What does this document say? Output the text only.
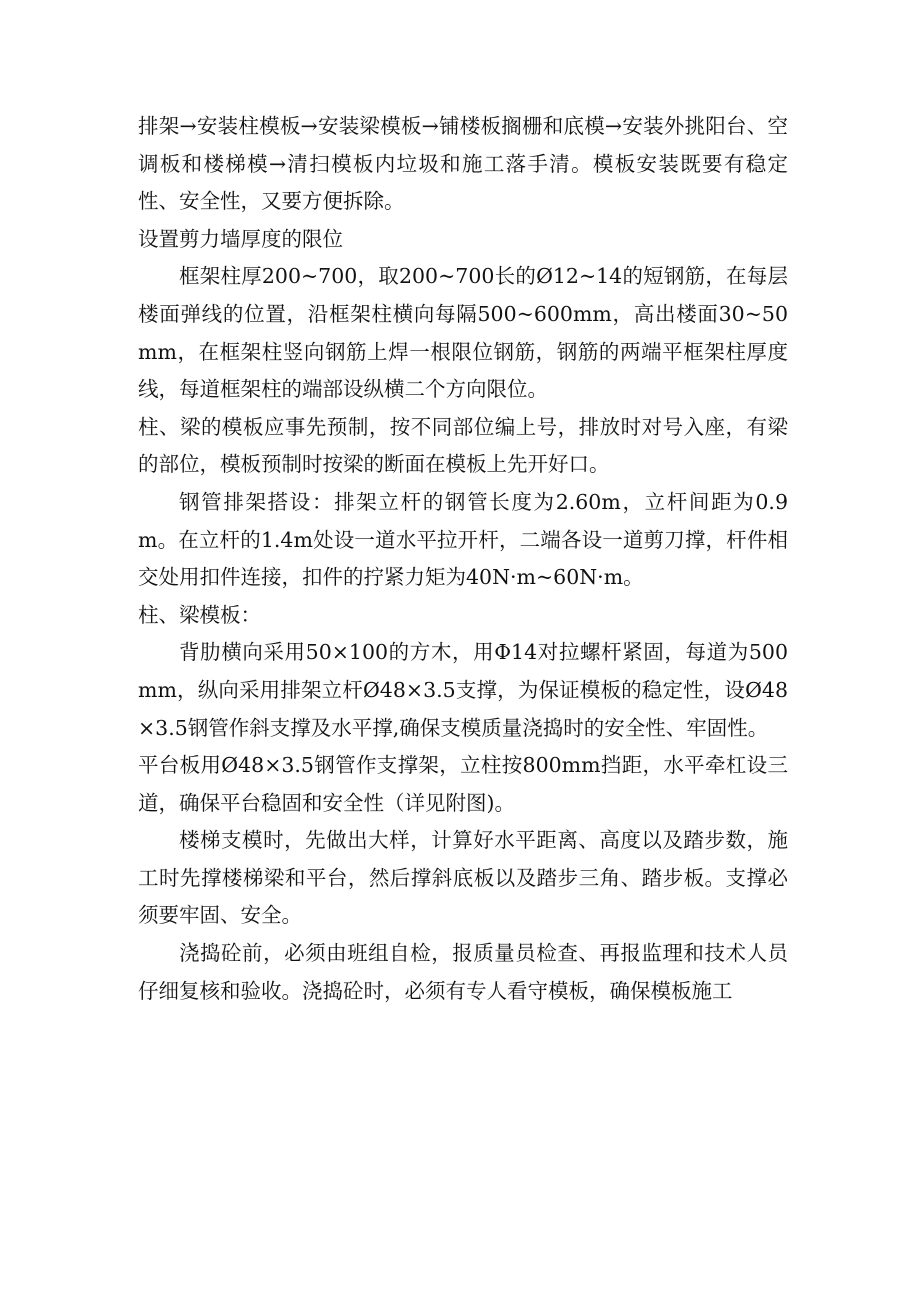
排架→安装柱模板→安装梁模板→铺楼板搁栅和底模→安装外挑阳台、空调板和楼梯模→清扫模板内垃圾和施工落手清。模板安装既要有稳定性、安全性，又要方便拆除。

设置剪力墙厚度的限位

框架柱厚200~700，取200~700长的Ø12~14的短钢筋，在每层楼面弹线的位置，沿框架柱横向每隔500~600mm，高出楼面30~50mm，在框架柱竖向钢筋上焊一根限位钢筋，钢筋的两端平框架柱厚度线，每道框架柱的端部设纵横二个方向限位。

柱、梁的模板应事先预制，按不同部位编上号，排放时对号入座，有梁的部位，模板预制时按梁的断面在模板上先开好口。

钢管排架搭设：排架立杆的钢管长度为2.60m，立杆间距为0.9m。在立杆的1.4m处设一道水平拉开杆，二端各设一道剪刀撑，杆件相交处用扣件连接，扣件的拧紧力矩为40N·m~60N·m。

柱、梁模板：

背肋横向采用50×100的方木，用Φ14对拉螺杆紧固，每道为500mm，纵向采用排架立杆Ø48×3.5支撑，为保证模板的稳定性，设Ø48×3.5钢管作斜支撑及水平撑,确保支模质量浇捣时的安全性、牢固性。

平台板用Ø48×3.5钢管作支撑架，立柱按800mm挡距，水平牵杠设三道，确保平台稳固和安全性（详见附图)。

楼梯支模时，先做出大样，计算好水平距离、高度以及踏步数，施工时先撑楼梯梁和平台，然后撑斜底板以及踏步三角、踏步板。支撑必须要牢固、安全。

浇捣砼前，必须由班组自检，报质量员检查、再报监理和技术人员仔细复核和验收。浇捣砼时，必须有专人看守模板，确保模板施工
